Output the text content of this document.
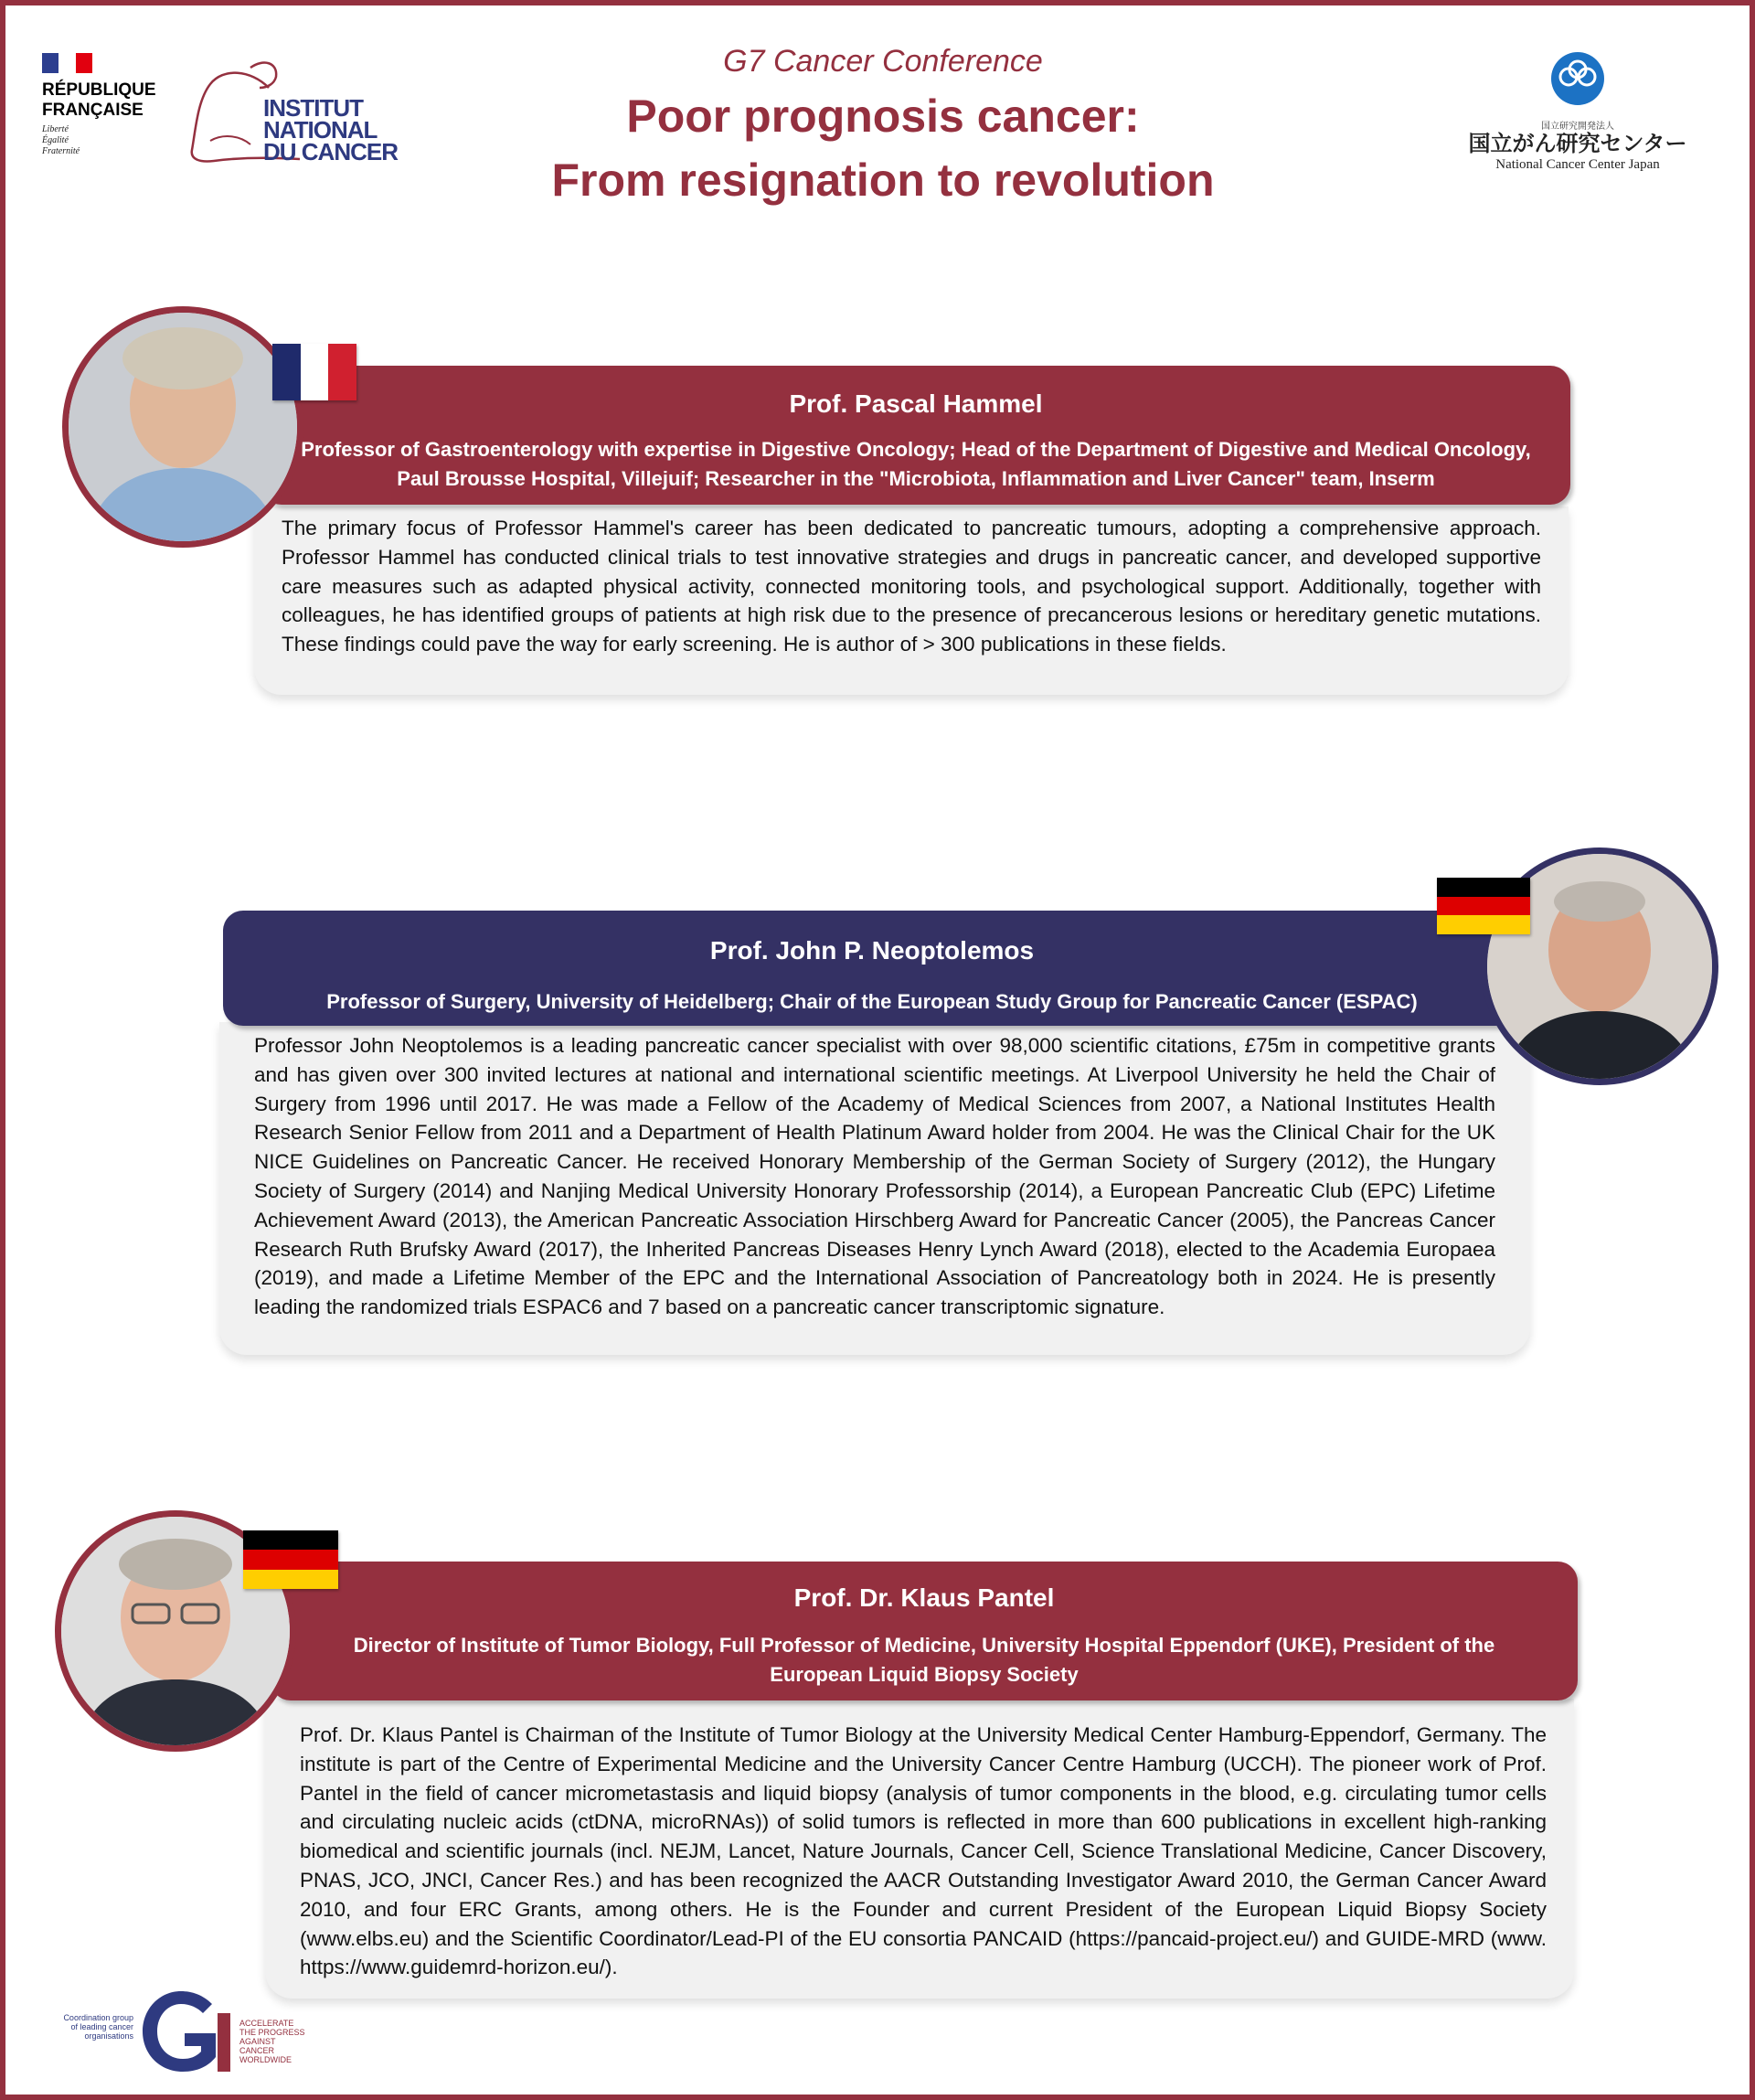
RÉPUBLIQUE
FRANÇAISE
Liberté
Égalité
Fraternité
INSTITUT
NATIONAL
DU CANCER
G7 Cancer Conference
Poor prognosis cancer:
From resignation to revolution
国立研究開発法人
国立がん研究センター
National Cancer Center Japan

The primary focus of Professor Hammel's career has been dedicated to pancreatic tumours, adopting a comprehensive approach. Professor Hammel has conducted clinical trials to test innovative strategies and drugs in pancreatic cancer, and developed supportive care measures such as adapted physical activity, connected monitoring tools, and psychological support. Additionally, together with colleagues, he has identified groups of patients at high risk due to the presence of precancerous lesions or hereditary genetic mutations. These findings could pave the way for early screening. He is author of > 300 publications in these fields.

Prof. Pascal Hammel
Professor of Gastroenterology with expertise in Digestive Oncology; Head of the Department of Digestive and Medical Oncology, Paul Brousse Hospital, Villejuif; Researcher in the "Microbiota, Inflammation and Liver Cancer" team, Inserm

Professor John Neoptolemos is a leading pancreatic cancer specialist with over 98,000 scientific citations, £75m in competitive grants and has given over 300 invited lectures at national and international scientific meetings. At Liverpool University he held the Chair of Surgery from 1996 until 2017. He was made a Fellow of the Academy of Medical Sciences from 2007, a National Institutes Health Research Senior Fellow from 2011 and a Department of Health Platinum Award holder from 2004. He was the Clinical Chair for the UK NICE Guidelines on Pancreatic Cancer. He received Honorary Membership of the German Society of Surgery (2012), the Hungary Society of Surgery (2014) and Nanjing Medical University Honorary Professorship (2014), a European Pancreatic Club (EPC) Lifetime Achievement Award (2013), the American Pancreatic Association Hirschberg Award for Pancreatic Cancer (2005), the Pancreas Cancer Research Ruth Brufsky Award (2017), the Inherited Pancreas Diseases Henry Lynch Award (2018), elected to the Academia Europaea (2019), and made a Lifetime Member of the EPC and the International Association of Pancreatology both in 2024. He is presently leading the randomized trials ESPAC6 and 7 based on a pancreatic cancer transcriptomic signature.

Prof. John P. Neoptolemos
Professor of Surgery, University of Heidelberg; Chair of the European Study Group for Pancreatic Cancer (ESPAC)

Prof. Dr. Klaus Pantel is Chairman of the Institute of Tumor Biology at the University Medical Center Hamburg-Eppendorf, Germany. The institute is part of the Centre of Experimental Medicine and the University Cancer Centre Hamburg (UCCH). The pioneer work of Prof. Pantel in the field of cancer micrometastasis and liquid biopsy (analysis of tumor components in the blood, e.g. circulating tumor cells and circulating nucleic acids (ctDNA, microRNAs)) of solid tumors is reflected in more than 600 publications in excellent high-ranking biomedical and scientific journals (incl. NEJM, Lancet, Nature Journals, Cancer Cell, Science Translational Medicine, Cancer Discovery, PNAS, JCO, JNCI, Cancer Res.) and has been recognized the AACR Outstanding Investigator Award 2010, the German Cancer Award 2010, and four ERC Grants, among others. He is the Founder and current President of the European Liquid Biopsy Society (www.elbs.eu) and the Scientific Coordinator/Lead-PI of the EU consortia PANCAID (https://pancaid-project.eu/) and GUIDE-MRD (www. https://www.guidemrd-horizon.eu/).

Prof. Dr. Klaus Pantel
Director of Institute of Tumor Biology, Full Professor of Medicine, University Hospital Eppendorf (UKE), President of the European Liquid Biopsy Society
Coordination group
of leading cancer
organisations
ACCELERATE
THE PROGRESS
AGAINST CANCER
WORLDWIDE
